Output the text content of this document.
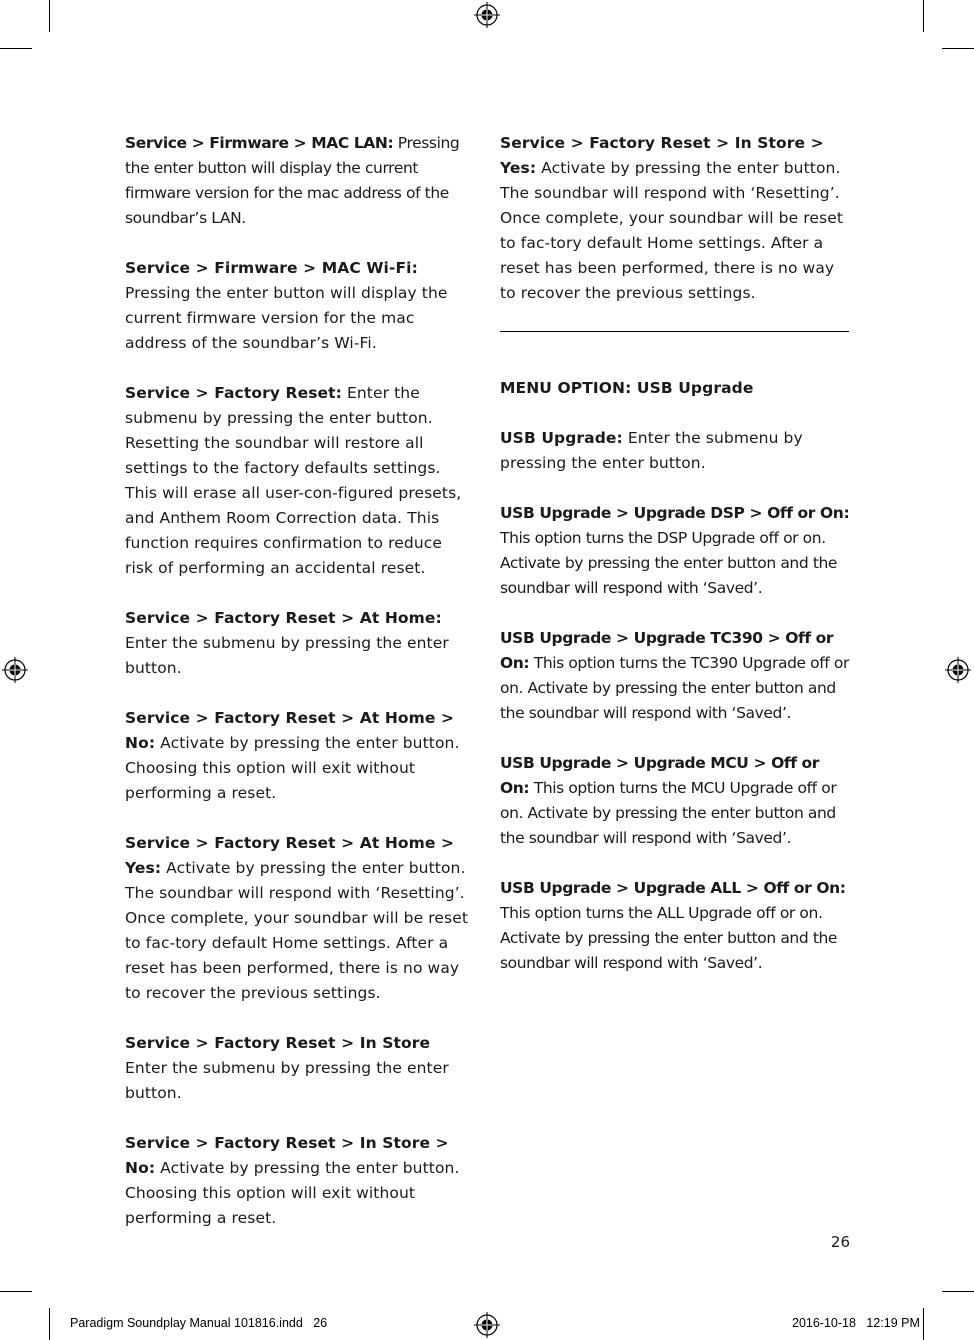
Service > Firmware > MAC LAN: Pressing the enter button will display the current firmware version for the mac address of the soundbar’s LAN.

Service > Firmware > MAC Wi-Fi: Pressing the enter button will display the current firmware version for the mac address of the soundbar’s Wi-Fi.

Service > Factory Reset: Enter the submenu by pressing the enter button. Resetting the soundbar will restore all settings to the factory defaults settings. This will erase all user-con-figured presets, and Anthem Room Correction data. This function requires confirmation to reduce risk of performing an accidental reset.

Service > Factory Reset > At Home: Enter the submenu by pressing the enter button.

Service > Factory Reset > At Home > No: Activate by pressing the enter button. Choosing this option will exit without performing a reset.

Service > Factory Reset > At Home > Yes: Activate by pressing the enter button. The soundbar will respond with ‘Resetting’. Once complete, your soundbar will be reset to fac-tory default Home settings. After a reset has been performed, there is no way to recover the previous settings.

Service > Factory Reset > In Store Enter the submenu by pressing the enter button.

Service > Factory Reset > In Store > No: Activate by pressing the enter button. Choosing this option will exit without performing a reset.

Service > Factory Reset > In Store > Yes: Activate by pressing the enter button. The soundbar will respond with ‘Resetting’. Once complete, your soundbar will be reset to fac-tory default Home settings. After a reset has been performed, there is no way to recover the previous settings.

MENU OPTION: USB Upgrade

USB Upgrade: Enter the submenu by pressing the enter button.

USB Upgrade > Upgrade DSP > Off or On: This option turns the DSP Upgrade off or on. Activate by pressing the enter button and the soundbar will respond with ‘Saved’.

USB Upgrade > Upgrade TC390 > Off or On: This option turns the TC390 Upgrade off or on. Activate by pressing the enter button and the soundbar will respond with ‘Saved’.

USB Upgrade > Upgrade MCU > Off or On: This option turns the MCU Upgrade off or on. Activate by pressing the enter button and the soundbar will respond with ‘Saved’.

USB Upgrade > Upgrade ALL > Off or On: This option turns the ALL Upgrade off or on. Activate by pressing the enter button and the soundbar will respond with ‘Saved’.

26
Paradigm Soundplay Manual 101816.indd   26	2016-10-18   12:19 PM
